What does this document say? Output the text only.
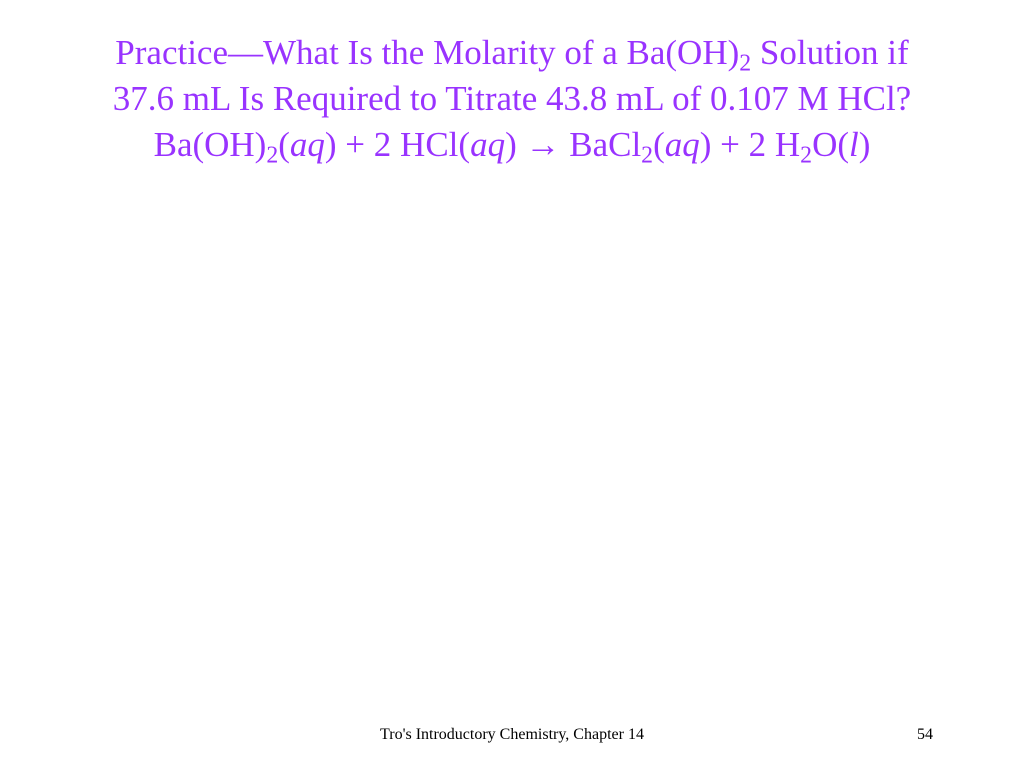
Practice—What Is the Molarity of a $Ba(OH)_2$ Solution if
37.6 mL Is Required to Titrate 43.8 mL of 0.107 M HCl?
$Ba(OH)_2(aq) + 2$ HCl(aq) → BaCl$_2$(aq) + 2 $H_2O(l)$
Tro's Introductory Chemistry, Chapter 14	54
